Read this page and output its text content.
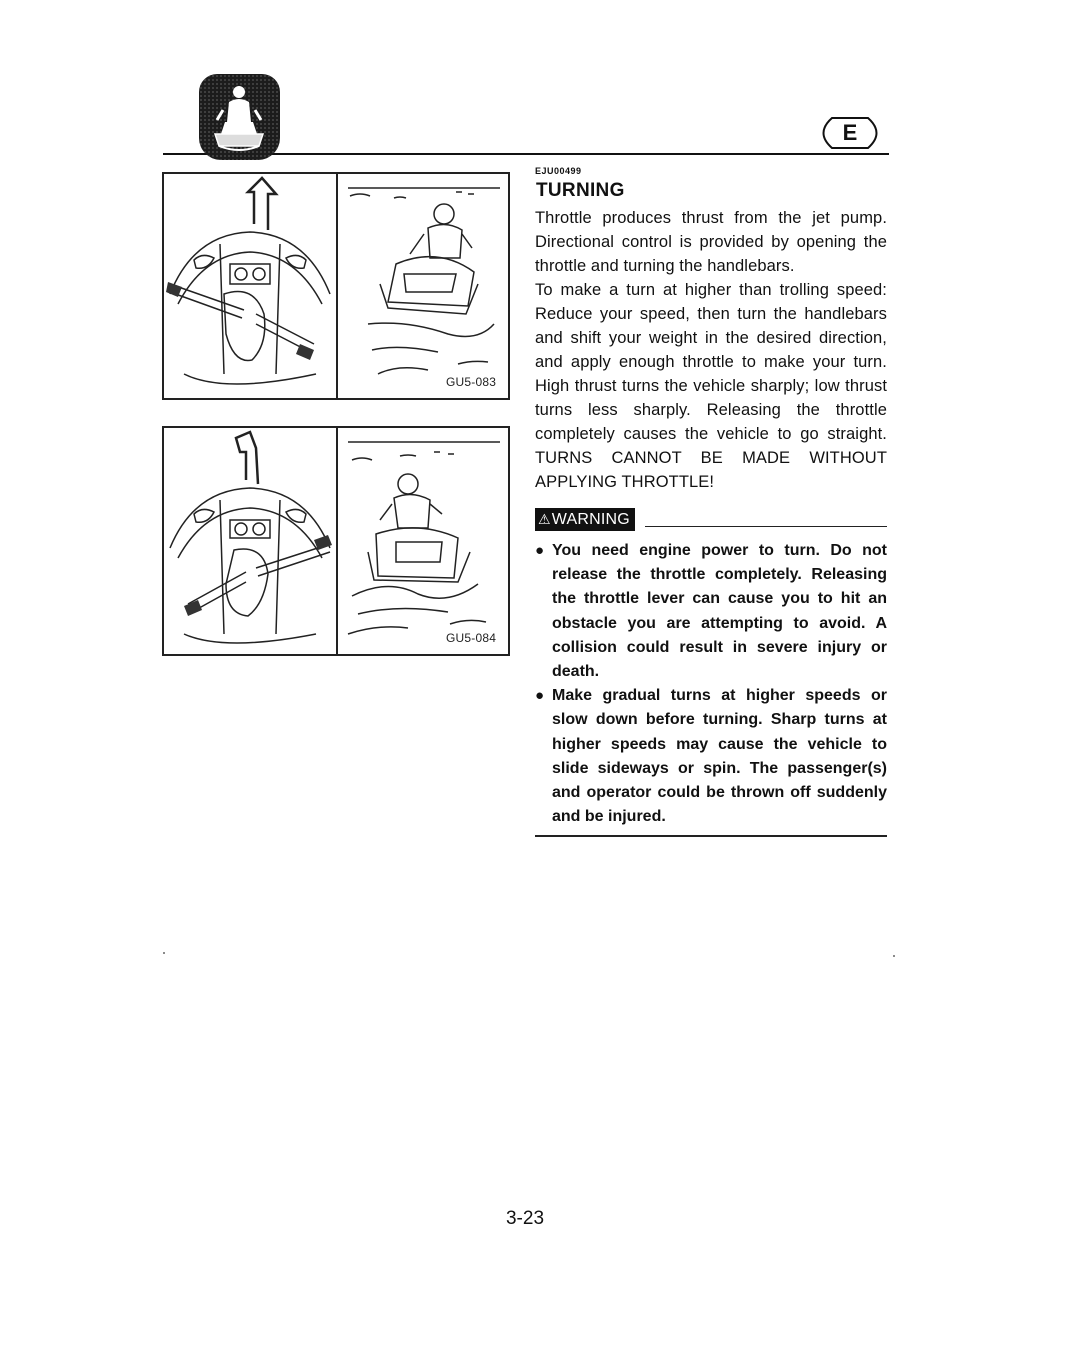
E
GU5-083
GU5-084
EJU00499
TURNING

Throttle produces thrust from the jet pump. Directional control is provided by opening the throttle and turning the handlebars.

To make a turn at higher than trolling speed: Reduce your speed, then turn the handlebars and shift your weight in the desired direction, and apply enough throttle to make your turn. High thrust turns the vehicle sharply; low thrust turns less sharply. Releasing the throttle completely causes the vehicle to go straight. TURNS CANNOT BE MADE WITHOUT APPLYING THROTTLE!

⚠ WARNING
● You need engine power to turn. Do not release the throttle completely. Releasing the throttle lever can cause you to hit an obstacle you are attempting to avoid. A collision could result in severe injury or death.
● Make gradual turns at higher speeds or slow down before turning. Sharp turns at higher speeds may cause the vehicle to slide sideways or spin. The passenger(s) and operator could be thrown off suddenly and be injured.
3-23
